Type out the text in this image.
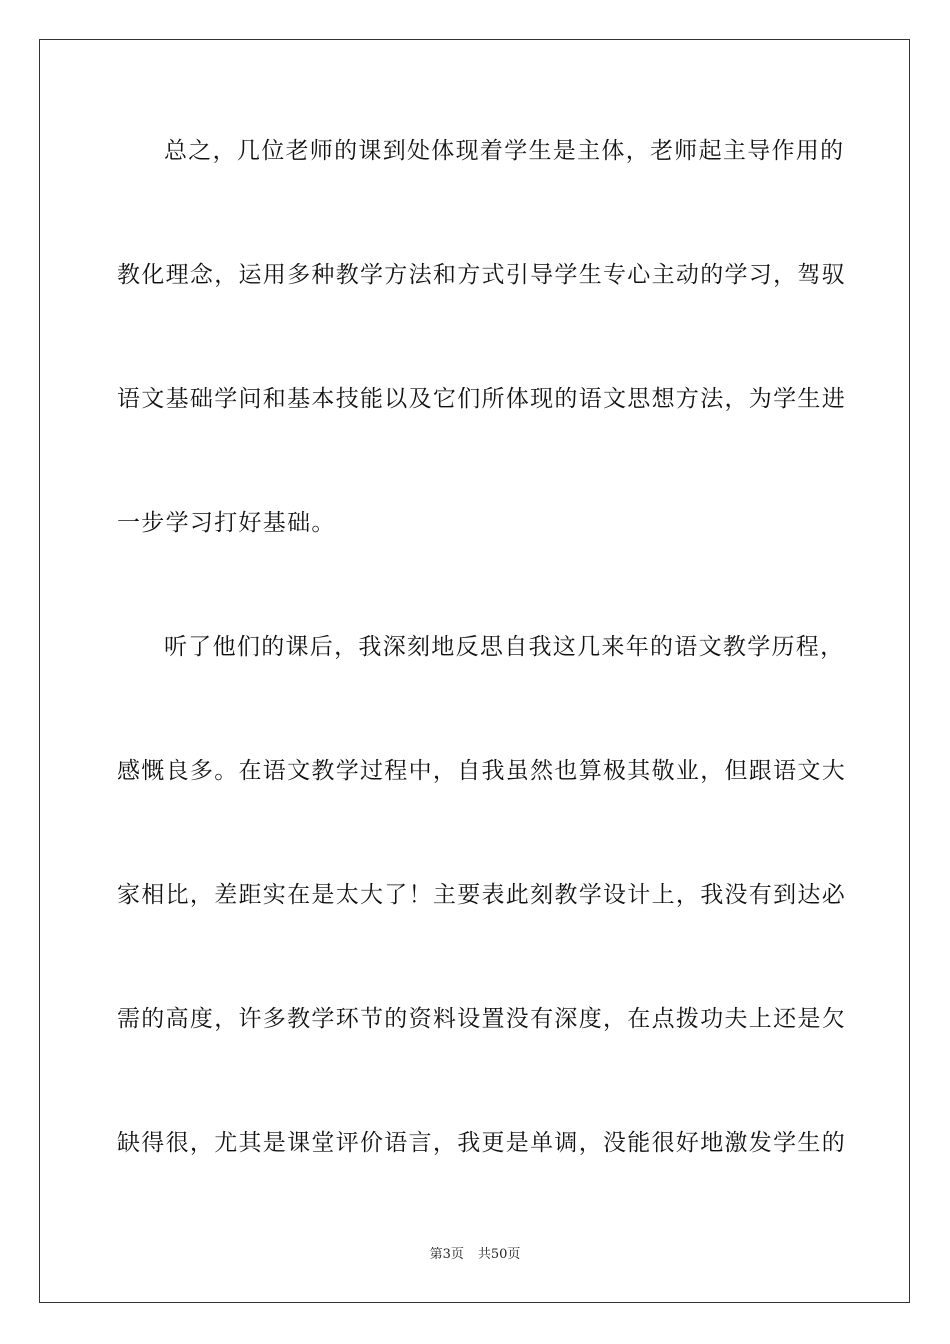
总之，几位老师的课到处体现着学生是主体，老师起主导作用的
教化理念，运用多种教学方法和方式引导学生专心主动的学习，驾驭
语文基础学问和基本技能以及它们所体现的语文思想方法，为学生进
一步学习打好基础。
听了他们的课后，我深刻地反思自我这几来年的语文教学历程，
感慨良多。在语文教学过程中，自我虽然也算极其敬业，但跟语文大
家相比，差距实在是太大了！主要表此刻教学设计上，我没有到达必
需的高度，许多教学环节的资料设置没有深度，在点拨功夫上还是欠
缺得很，尤其是课堂评价语言，我更是单调，没能很好地激发学生的
第3页 共50页
